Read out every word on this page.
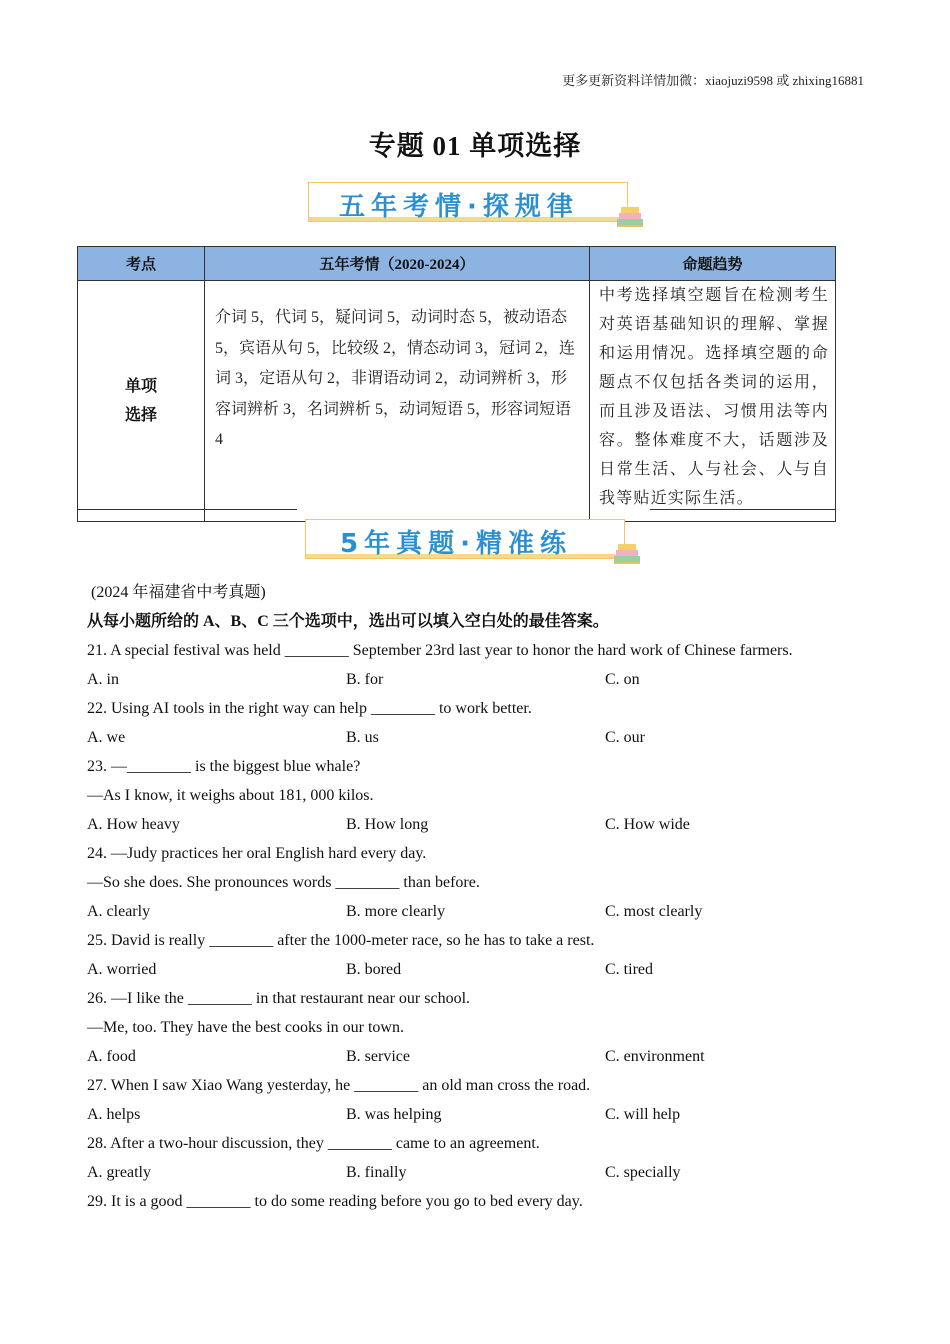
更多更新资料详情加微：xiaojuzi9598 或 zhixing16881
专题 01 单项选择
五年考情·探规律
考点	五年考情（2020-2024）	命题趋势

单项
选择	介词 5，代词 5，疑问词 5，动词时态 5，被动语态 5，宾语从句 5，比较级 2，情态动词 3，冠词 2，连词 3，定语从句 2，非谓语动词 2，动词辨析 3，形容词辨析 3，名词辨析 5，动词短语 5，形容词短语 4	中考选择填空题旨在检测考生对英语基础知识的理解、掌握和运用情况。选择填空题的命题点不仅包括各类词的运用，而且涉及语法、习惯用法等内容。整体难度不大，话题涉及日常生活、人与社会、人与自我等贴近实际生活。
5年真题·精准练
(2024 年福建省中考真题)
从每小题所给的 A、B、C 三个选项中，选出可以填入空白处的最佳答案。
21. A special festival was held ________ September 23rd last year to honor the hard work of Chinese farmers.
A. in	B. for	C. on
22. Using AI tools in the right way can help ________ to work better.
A. we	B. us	C. our
23. —________ is the biggest blue whale?
—As I know, it weighs about 181, 000 kilos.
A. How heavy	B. How long	C. How wide
24. —Judy practices her oral English hard every day.
—So she does. She pronounces words ________ than before.
A. clearly	B. more clearly	C. most clearly
25. David is really ________ after the 1000-meter race, so he has to take a rest.
A. worried	B. bored	C. tired
26. —I like the ________ in that restaurant near our school.
—Me, too. They have the best cooks in our town.
A. food	B. service	C. environment
27. When I saw Xiao Wang yesterday, he ________ an old man cross the road.
A. helps	B. was helping	C. will help
28. After a two-hour discussion, they ________ came to an agreement.
A. greatly	B. finally	C. specially
29. It is a good ________ to do some reading before you go to bed every day.
